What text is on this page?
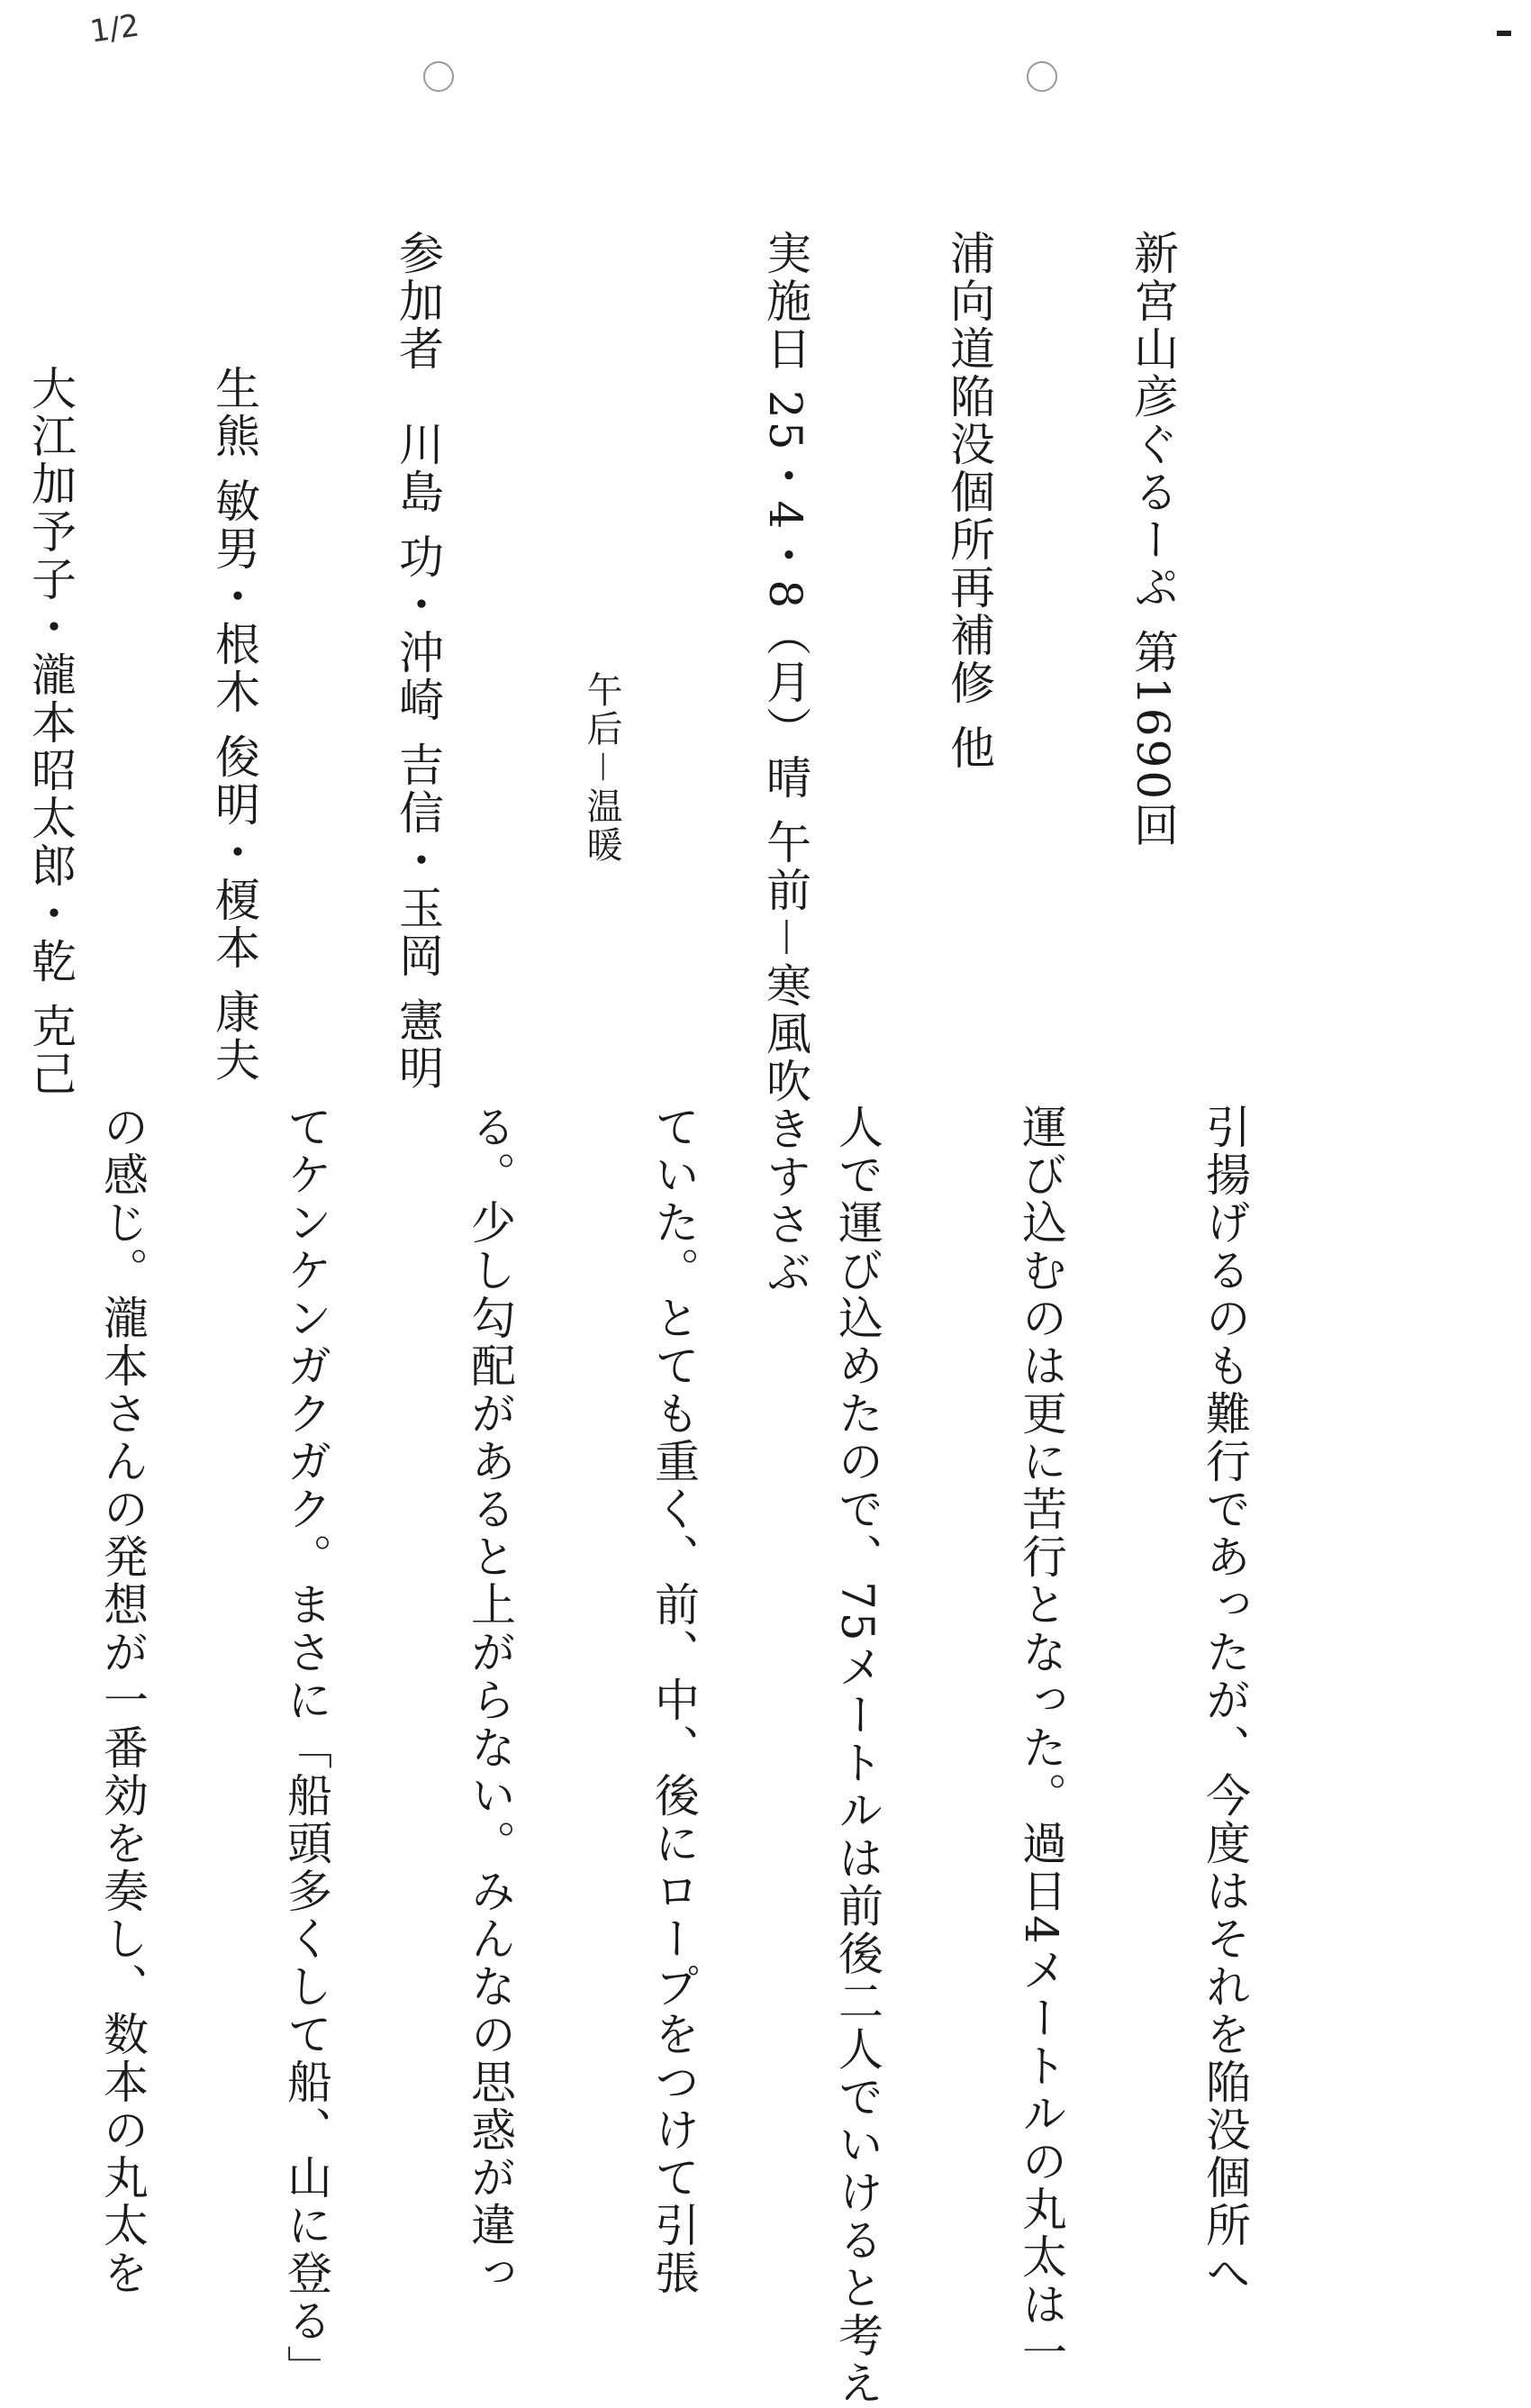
1/2

新宮山彦ぐるーぷ 第1690回

浦向道陥没個所再補修 他

実施日 25・4・8（月）晴 午前－寒風吹きすさぶ

午后－温暖

参加者　川島 功・沖崎 吉信・玉岡 憲明

生熊 敏男・根木 俊明・榎本 康夫

大江加予子・瀧本昭太郎・乾 克己

引揚げるのも難行であったが、今度はそれを陥没個所へ

運び込むのは更に苦行となった。過日4メートルの丸太は一

人で運び込めたので、75メートルは前後二人でいけると考え

ていた。とても重く、前、中、後にロープをつけて引張

る。少し勾配があると上がらない。みんなの思惑が違っ

てケンケンガクガク。まさに「船頭多くして船、山に登る」

の感じ。瀧本さんの発想が一番効を奏し、数本の丸太を
